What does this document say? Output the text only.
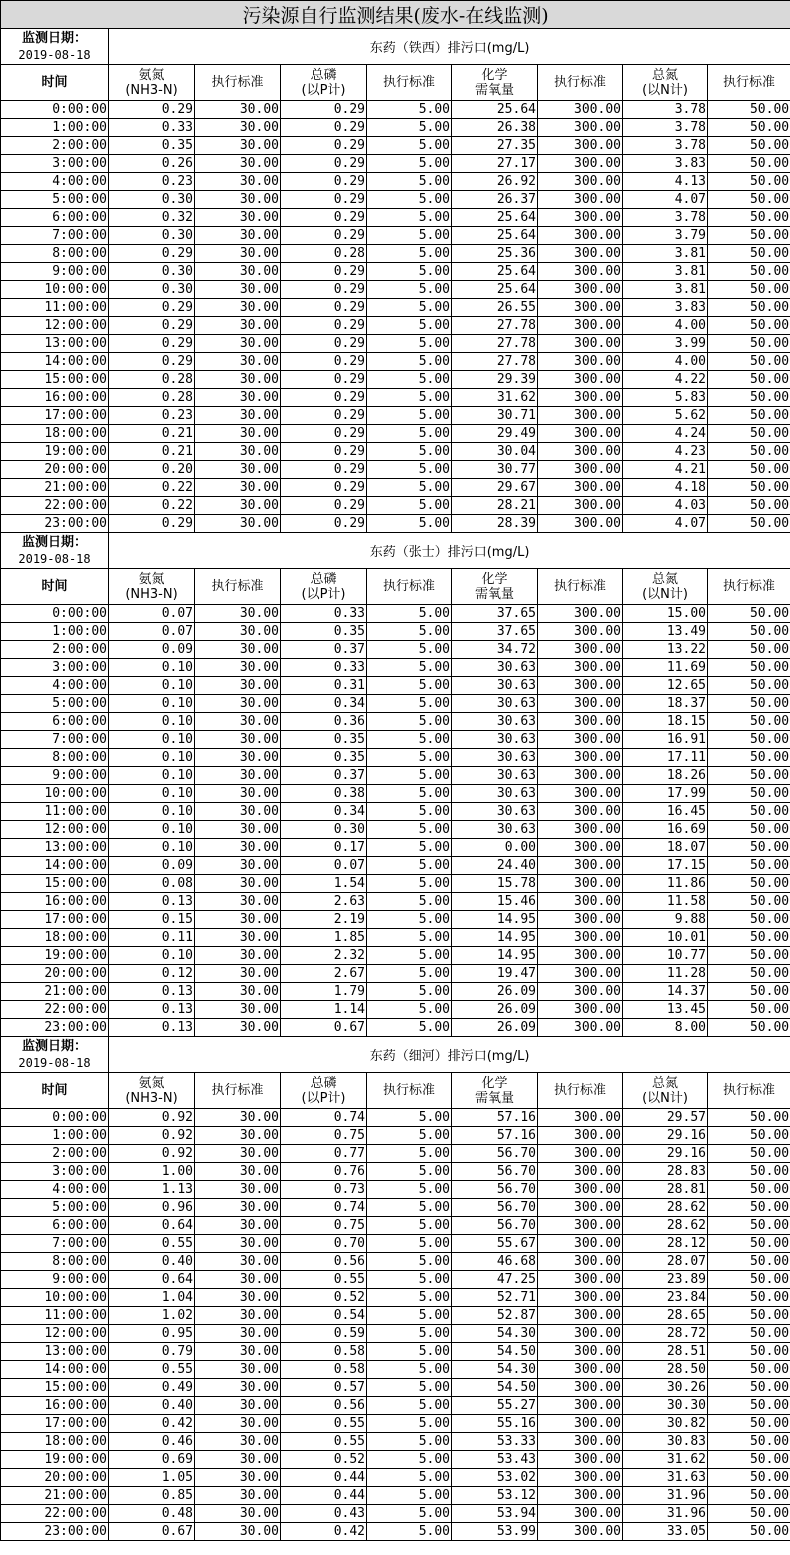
污染源自行监测结果(废水-在线监测)								

监测日期：
2019-08-18	东药（铁西）排污口(mg/L)							
时间	氨氮
(NH3-N)	执行标准	总磷
(以P计)	执行标准	化学
需氧量	执行标准	总氮
(以N计)	执行标准
0:00:00	0.29	30.00	0.29	5.00	25.64	300.00	3.78	50.00
1:00:00	0.33	30.00	0.29	5.00	26.38	300.00	3.78	50.00
2:00:00	0.35	30.00	0.29	5.00	27.35	300.00	3.78	50.00
3:00:00	0.26	30.00	0.29	5.00	27.17	300.00	3.83	50.00
4:00:00	0.23	30.00	0.29	5.00	26.92	300.00	4.13	50.00
5:00:00	0.30	30.00	0.29	5.00	26.37	300.00	4.07	50.00
6:00:00	0.32	30.00	0.29	5.00	25.64	300.00	3.78	50.00
7:00:00	0.30	30.00	0.29	5.00	25.64	300.00	3.79	50.00
8:00:00	0.29	30.00	0.28	5.00	25.36	300.00	3.81	50.00
9:00:00	0.30	30.00	0.29	5.00	25.64	300.00	3.81	50.00
10:00:00	0.30	30.00	0.29	5.00	25.64	300.00	3.81	50.00
11:00:00	0.29	30.00	0.29	5.00	26.55	300.00	3.83	50.00
12:00:00	0.29	30.00	0.29	5.00	27.78	300.00	4.00	50.00
13:00:00	0.29	30.00	0.29	5.00	27.78	300.00	3.99	50.00
14:00:00	0.29	30.00	0.29	5.00	27.78	300.00	4.00	50.00
15:00:00	0.28	30.00	0.29	5.00	29.39	300.00	4.22	50.00
16:00:00	0.28	30.00	0.29	5.00	31.62	300.00	5.83	50.00
17:00:00	0.23	30.00	0.29	5.00	30.71	300.00	5.62	50.00
18:00:00	0.21	30.00	0.29	5.00	29.49	300.00	4.24	50.00
19:00:00	0.21	30.00	0.29	5.00	30.04	300.00	4.23	50.00
20:00:00	0.20	30.00	0.29	5.00	30.77	300.00	4.21	50.00
21:00:00	0.22	30.00	0.29	5.00	29.67	300.00	4.18	50.00
22:00:00	0.22	30.00	0.29	5.00	28.21	300.00	4.03	50.00
23:00:00	0.29	30.00	0.29	5.00	28.39	300.00	4.07	50.00

监测日期：
2019-08-18	东药（张士）排污口(mg/L)							
时间	氨氮
(NH3-N)	执行标准	总磷
(以P计)	执行标准	化学
需氧量	执行标准	总氮
(以N计)	执行标准
0:00:00	0.07	30.00	0.33	5.00	37.65	300.00	15.00	50.00
1:00:00	0.07	30.00	0.35	5.00	37.65	300.00	13.49	50.00
2:00:00	0.09	30.00	0.37	5.00	34.72	300.00	13.22	50.00
3:00:00	0.10	30.00	0.33	5.00	30.63	300.00	11.69	50.00
4:00:00	0.10	30.00	0.31	5.00	30.63	300.00	12.65	50.00
5:00:00	0.10	30.00	0.34	5.00	30.63	300.00	18.37	50.00
6:00:00	0.10	30.00	0.36	5.00	30.63	300.00	18.15	50.00
7:00:00	0.10	30.00	0.35	5.00	30.63	300.00	16.91	50.00
8:00:00	0.10	30.00	0.35	5.00	30.63	300.00	17.11	50.00
9:00:00	0.10	30.00	0.37	5.00	30.63	300.00	18.26	50.00
10:00:00	0.10	30.00	0.38	5.00	30.63	300.00	17.99	50.00
11:00:00	0.10	30.00	0.34	5.00	30.63	300.00	16.45	50.00
12:00:00	0.10	30.00	0.30	5.00	30.63	300.00	16.69	50.00
13:00:00	0.10	30.00	0.17	5.00	0.00	300.00	18.07	50.00
14:00:00	0.09	30.00	0.07	5.00	24.40	300.00	17.15	50.00
15:00:00	0.08	30.00	1.54	5.00	15.78	300.00	11.86	50.00
16:00:00	0.13	30.00	2.63	5.00	15.46	300.00	11.58	50.00
17:00:00	0.15	30.00	2.19	5.00	14.95	300.00	9.88	50.00
18:00:00	0.11	30.00	1.85	5.00	14.95	300.00	10.01	50.00
19:00:00	0.10	30.00	2.32	5.00	14.95	300.00	10.77	50.00
20:00:00	0.12	30.00	2.67	5.00	19.47	300.00	11.28	50.00
21:00:00	0.13	30.00	1.79	5.00	26.09	300.00	14.37	50.00
22:00:00	0.13	30.00	1.14	5.00	26.09	300.00	13.45	50.00
23:00:00	0.13	30.00	0.67	5.00	26.09	300.00	8.00	50.00

监测日期：
2019-08-18	东药（细河）排污口(mg/L)							
时间	氨氮
(NH3-N)	执行标准	总磷
(以P计)	执行标准	化学
需氧量	执行标准	总氮
(以N计)	执行标准
0:00:00	0.92	30.00	0.74	5.00	57.16	300.00	29.57	50.00
1:00:00	0.92	30.00	0.75	5.00	57.16	300.00	29.16	50.00
2:00:00	0.92	30.00	0.77	5.00	56.70	300.00	29.16	50.00
3:00:00	1.00	30.00	0.76	5.00	56.70	300.00	28.83	50.00
4:00:00	1.13	30.00	0.73	5.00	56.70	300.00	28.81	50.00
5:00:00	0.96	30.00	0.74	5.00	56.70	300.00	28.62	50.00
6:00:00	0.64	30.00	0.75	5.00	56.70	300.00	28.62	50.00
7:00:00	0.55	30.00	0.70	5.00	55.67	300.00	28.12	50.00
8:00:00	0.40	30.00	0.56	5.00	46.68	300.00	28.07	50.00
9:00:00	0.64	30.00	0.55	5.00	47.25	300.00	23.89	50.00
10:00:00	1.04	30.00	0.52	5.00	52.71	300.00	23.84	50.00
11:00:00	1.02	30.00	0.54	5.00	52.87	300.00	28.65	50.00
12:00:00	0.95	30.00	0.59	5.00	54.30	300.00	28.72	50.00
13:00:00	0.79	30.00	0.58	5.00	54.50	300.00	28.51	50.00
14:00:00	0.55	30.00	0.58	5.00	54.30	300.00	28.50	50.00
15:00:00	0.49	30.00	0.57	5.00	54.50	300.00	30.26	50.00
16:00:00	0.40	30.00	0.56	5.00	55.27	300.00	30.30	50.00
17:00:00	0.42	30.00	0.55	5.00	55.16	300.00	30.82	50.00
18:00:00	0.46	30.00	0.55	5.00	53.33	300.00	30.83	50.00
19:00:00	0.69	30.00	0.52	5.00	53.43	300.00	31.62	50.00
20:00:00	1.05	30.00	0.44	5.00	53.02	300.00	31.63	50.00
21:00:00	0.85	30.00	0.44	5.00	53.12	300.00	31.96	50.00
22:00:00	0.48	30.00	0.43	5.00	53.94	300.00	31.96	50.00
23:00:00	0.67	30.00	0.42	5.00	53.99	300.00	33.05	50.00
